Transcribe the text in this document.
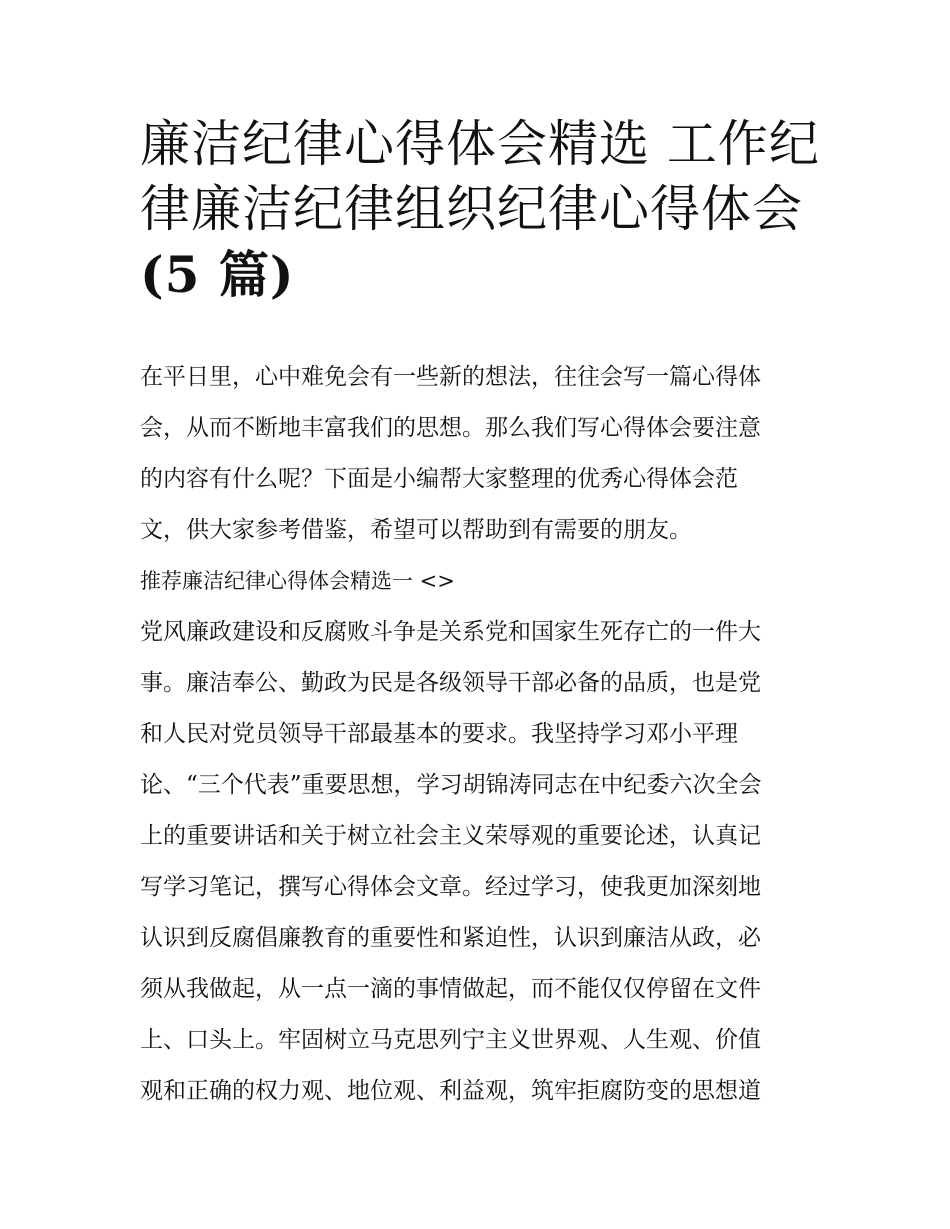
廉洁纪律心得体会精选 工作纪
律廉洁纪律组织纪律心得体会
(5 篇)
在平日里，心中难免会有一些新的想法，往往会写一篇心得体
会，从而不断地丰富我们的思想。那么我们写心得体会要注意
的内容有什么呢？下面是小编帮大家整理的优秀心得体会范
文，供大家参考借鉴，希望可以帮助到有需要的朋友。
推荐廉洁纪律心得体会精选一 <>
党风廉政建设和反腐败斗争是关系党和国家生死存亡的一件大
事。廉洁奉公、勤政为民是各级领导干部必备的品质，也是党
和人民对党员领导干部最基本的要求。我坚持学习邓小平理
论、“三个代表”重要思想，学习胡锦涛同志在中纪委六次全会
上的重要讲话和关于树立社会主义荣辱观的重要论述，认真记
写学习笔记，撰写心得体会文章。经过学习，使我更加深刻地
认识到反腐倡廉教育的重要性和紧迫性，认识到廉洁从政，必
须从我做起，从一点一滴的事情做起，而不能仅仅停留在文件
上、口头上。牢固树立马克思列宁主义世界观、人生观、价值
观和正确的权力观、地位观、利益观，筑牢拒腐防变的思想道
